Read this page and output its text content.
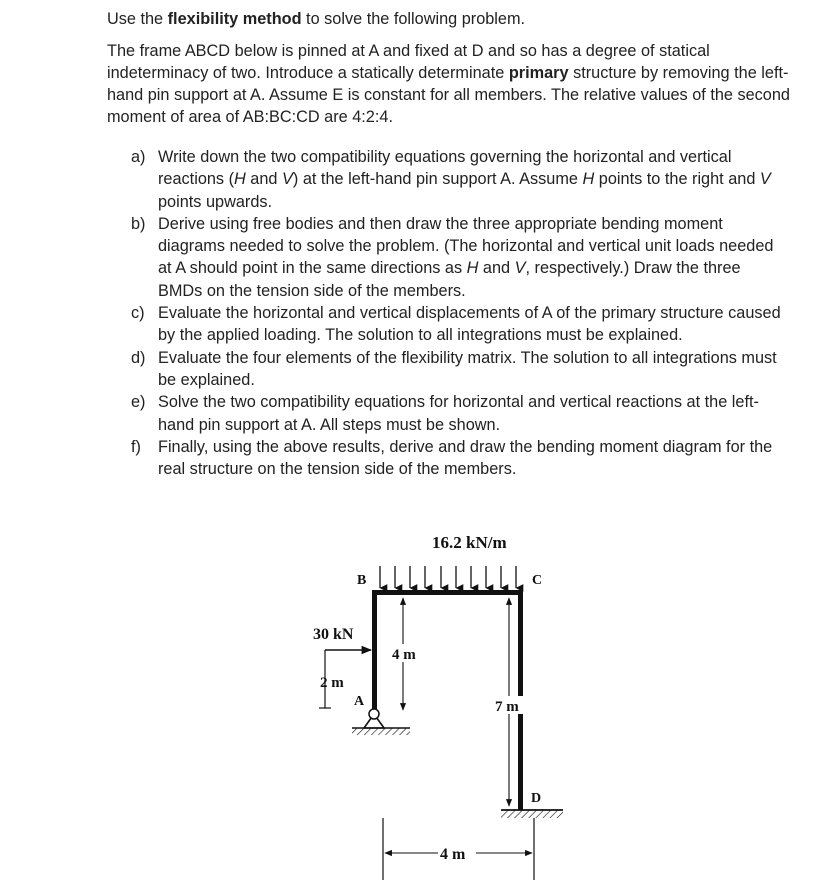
Use the flexibility method to solve the following problem.

The frame ABCD below is pinned at A and fixed at D and so has a degree of statical indeterminacy of two. Introduce a statically determinate primary structure by removing the left-hand pin support at A. Assume E is constant for all members. The relative values of the second moment of area of AB:BC:CD are 4:2:4.

a) Write down the two compatibility equations governing the horizontal and vertical reactions (H and V) at the left-hand pin support A. Assume H points to the right and V points upwards.
b) Derive using free bodies and then draw the three appropriate bending moment diagrams needed to solve the problem. (The horizontal and vertical unit loads needed at A should point in the same directions as H and V, respectively.) Draw the three BMDs on the tension side of the members.
c) Evaluate the horizontal and vertical displacements of A of the primary structure caused by the applied loading. The solution to all integrations must be explained.
d) Evaluate the four elements of the flexibility matrix. The solution to all integrations must be explained.
e) Solve the two compatibility equations for horizontal and vertical reactions at the left-hand pin support at A. All steps must be shown.
f) Finally, using the above results, derive and draw the bending moment diagram for the real structure on the tension side of the members.
16.2 kN/m
B	C
A
D
30 kN
2 m
4 m
7 m
4 m
